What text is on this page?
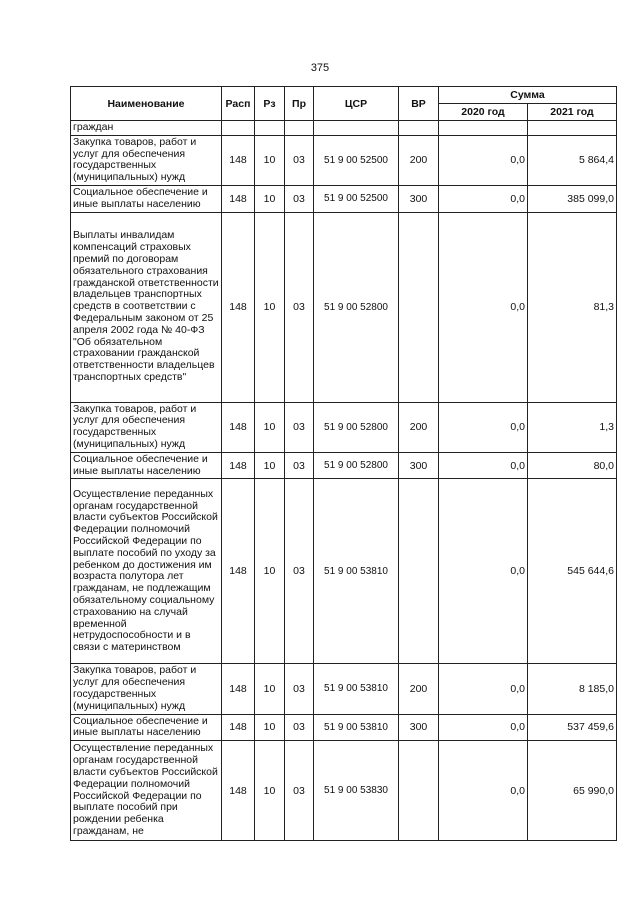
375
Наименование	Расп	Рз	Пр	ЦСР	ВР	Сумма	
						2020 год	2021 год
граждан							
Закупка товаров, работ и услуг для обеспечения государственных (муниципальных) нужд	148	10	03	51 9 00 52500	200	0,0	5 864,4
Социальное обеспечение и иные выплаты населению	148	10	03	51 9 00 52500	300	0,0	385 099,0
Выплаты инвалидам компенсаций страховых премий по договорам обязательного страхования гражданской ответственности владельцев транспортных средств в соответствии с Федеральным законом от 25 апреля 2002 года № 40-ФЗ "Об обязательном страховании гражданской ответственности владельцев транспортных средств"	148	10	03	51 9 00 52800		0,0	81,3
Закупка товаров, работ и услуг для обеспечения государственных (муниципальных) нужд	148	10	03	51 9 00 52800	200	0,0	1,3
Социальное обеспечение и иные выплаты населению	148	10	03	51 9 00 52800	300	0,0	80,0
Осуществление переданных органам государственной власти субъектов Российской Федерации полномочий Российской Федерации по выплате пособий по уходу за ребенком до достижения им возраста полутора лет гражданам, не подлежащим обязательному социальному страхованию на случай временной нетрудоспособности и в связи с материнством	148	10	03	51 9 00 53810		0,0	545 644,6
Закупка товаров, работ и услуг для обеспечения государственных (муниципальных) нужд	148	10	03	51 9 00 53810	200	0,0	8 185,0
Социальное обеспечение и иные выплаты населению	148	10	03	51 9 00 53810	300	0,0	537 459,6
Осуществление переданных органам государственной власти субъектов Российской Федерации полномочий Российской Федерации по выплате пособий при рождении ребенка гражданам, не	148	10	03	51 9 00 53830		0,0	65 990,0
